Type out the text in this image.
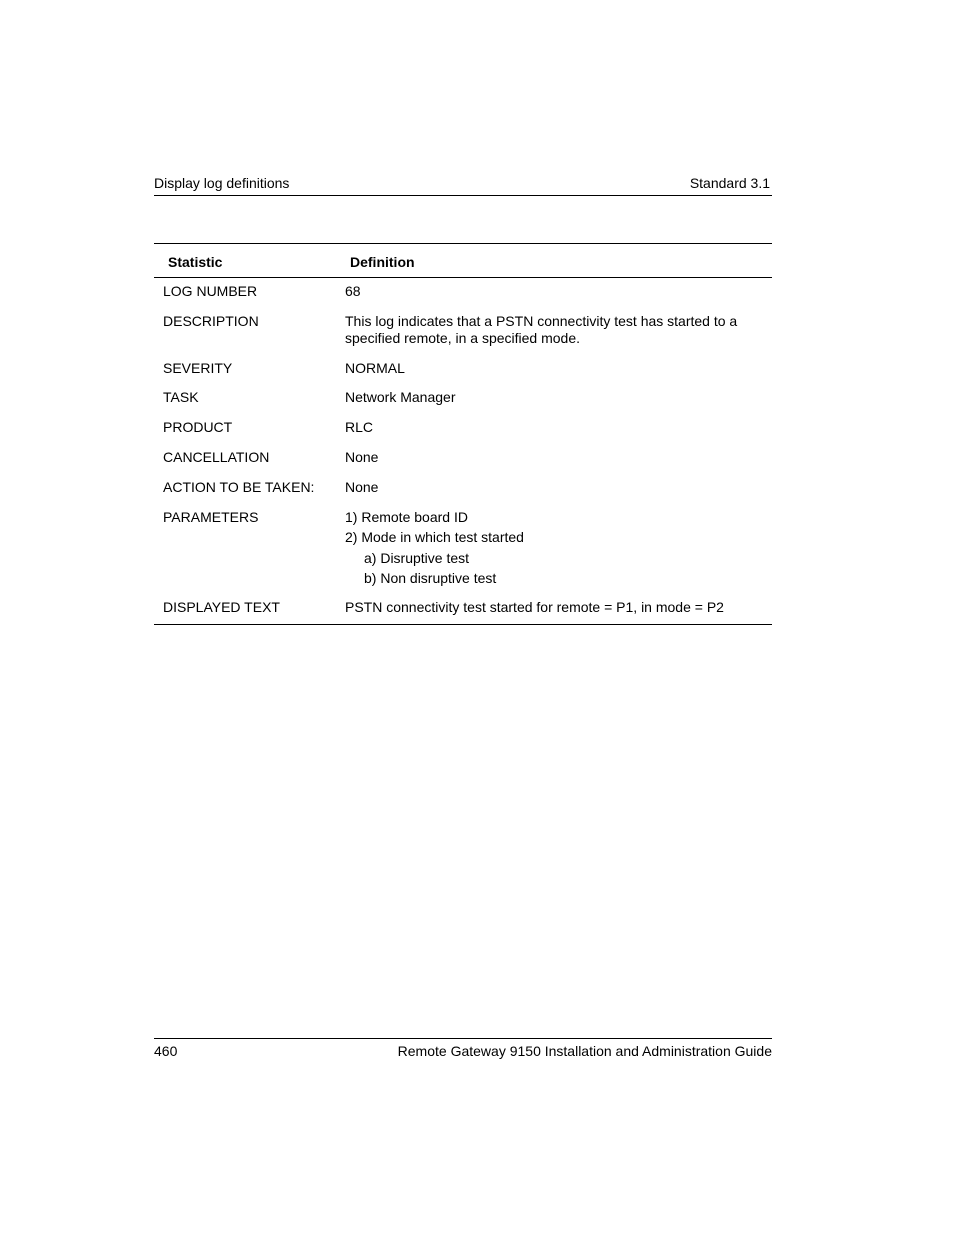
Display log definitions	Standard 3.1
Statistic	Definition
LOG NUMBER	68
DESCRIPTION	This log indicates that a PSTN connectivity test has started to a specified remote, in a specified mode.
SEVERITY	NORMAL
TASK	Network Manager
PRODUCT	RLC
CANCELLATION	None
ACTION TO BE TAKEN:	None
PARAMETERS	1) Remote board ID
2) Mode in which test started
a) Disruptive test
b) Non disruptive test
DISPLAYED TEXT	PSTN connectivity test started for remote = P1, in mode = P2
460	Remote Gateway 9150 Installation and Administration Guide
